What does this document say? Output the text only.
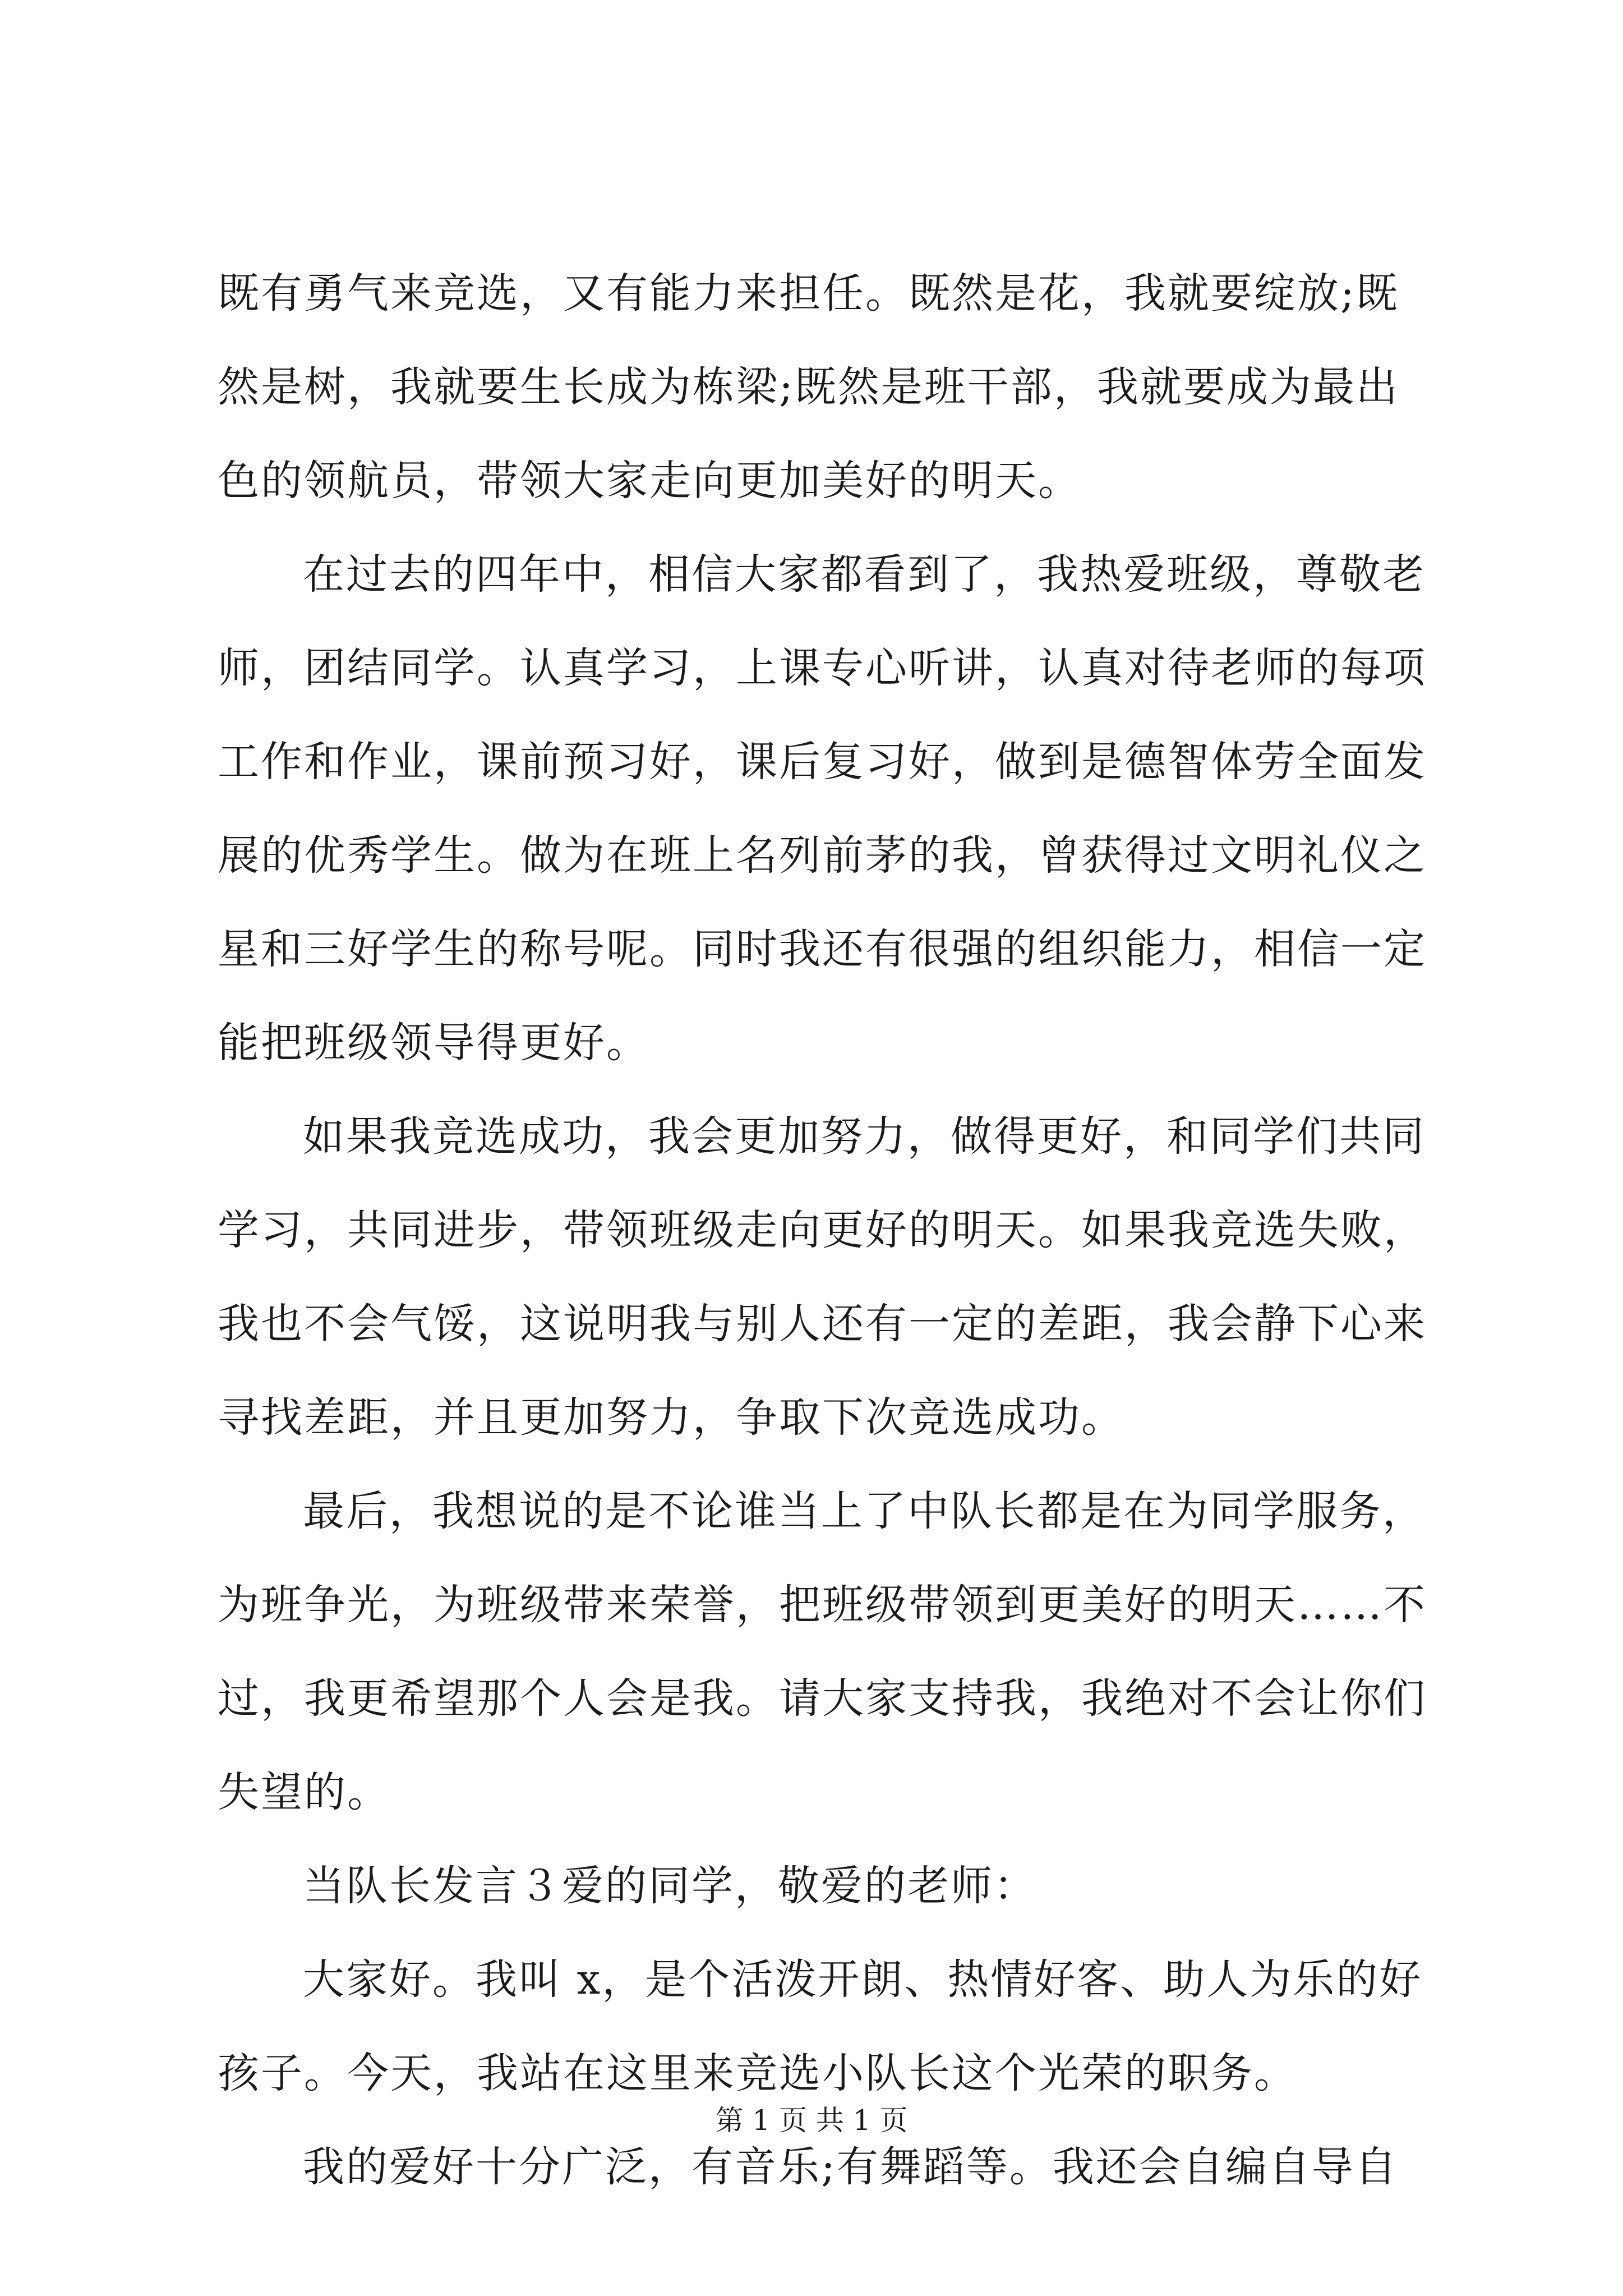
既有勇气来竞选，又有能力来担任。既然是花，我就要绽放;既
然是树，我就要生长成为栋梁;既然是班干部，我就要成为最出
色的领航员，带领大家走向更加美好的明天。
在过去的四年中，相信大家都看到了，我热爱班级，尊敬老
师，团结同学。认真学习，上课专心听讲，认真对待老师的每项
工作和作业，课前预习好，课后复习好，做到是德智体劳全面发
展的优秀学生。做为在班上名列前茅的我，曾获得过文明礼仪之
星和三好学生的称号呢。同时我还有很强的组织能力，相信一定
能把班级领导得更好。
如果我竞选成功，我会更加努力，做得更好，和同学们共同
学习，共同进步，带领班级走向更好的明天。如果我竞选失败，
我也不会气馁，这说明我与别人还有一定的差距，我会静下心来
寻找差距，并且更加努力，争取下次竞选成功。
最后，我想说的是不论谁当上了中队长都是在为同学服务，
为班争光，为班级带来荣誉，把班级带领到更美好的明天……不
过，我更希望那个人会是我。请大家支持我，我绝对不会让你们
失望的。
当队长发言３爱的同学，敬爱的老师：
大家好。我叫 x，是个活泼开朗、热情好客、助人为乐的好
孩子。今天，我站在这里来竞选小队长这个光荣的职务。
我的爱好十分广泛，有音乐;有舞蹈等。我还会自编自导自
第 1 页 共 1 页
